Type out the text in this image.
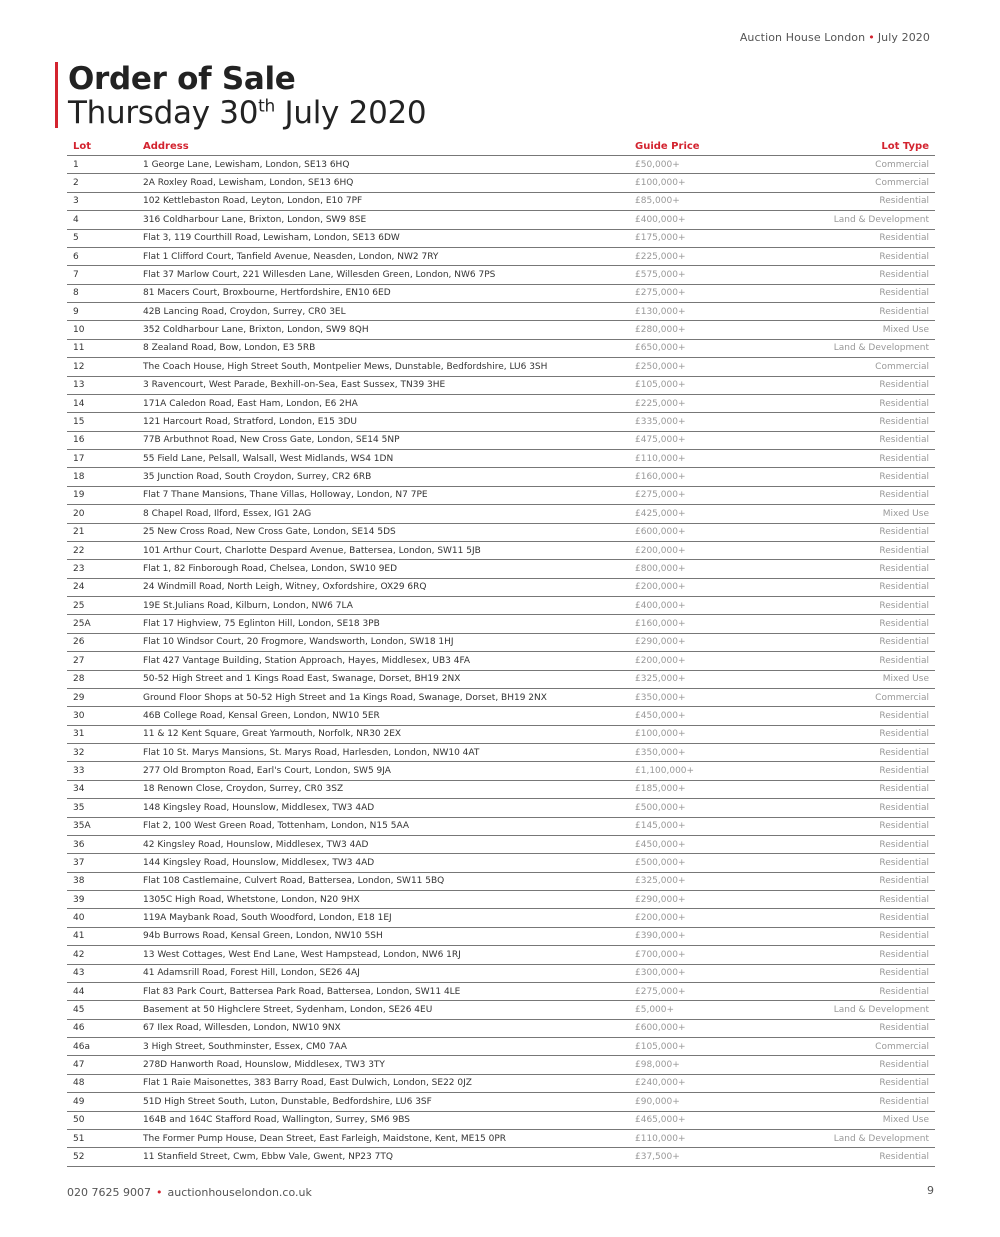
Auction House London • July 2020
Order of Sale
Thursday 30th July 2020
Lot	Address	Guide Price	Lot Type
1	1 George Lane, Lewisham, London, SE13 6HQ	£50,000+	Commercial
2	2A Roxley Road, Lewisham, London, SE13 6HQ	£100,000+	Commercial
3	102 Kettlebaston Road, Leyton, London, E10 7PF	£85,000+	Residential
4	316 Coldharbour Lane, Brixton, London, SW9 8SE	£400,000+	Land & Development
5	Flat 3, 119 Courthill Road, Lewisham, London, SE13 6DW	£175,000+	Residential
6	Flat 1 Clifford Court, Tanfield Avenue, Neasden, London, NW2 7RY	£225,000+	Residential
7	Flat 37 Marlow Court, 221 Willesden Lane, Willesden Green, London, NW6 7PS	£575,000+	Residential
8	81 Macers Court, Broxbourne, Hertfordshire, EN10 6ED	£275,000+	Residential
9	42B Lancing Road, Croydon, Surrey, CR0 3EL	£130,000+	Residential
10	352 Coldharbour Lane, Brixton, London, SW9 8QH	£280,000+	Mixed Use
11	8 Zealand Road, Bow, London, E3 5RB	£650,000+	Land & Development
12	The Coach House, High Street South, Montpelier Mews, Dunstable, Bedfordshire, LU6 3SH	£250,000+	Commercial
13	3 Ravencourt, West Parade, Bexhill-on-Sea, East Sussex, TN39 3HE	£105,000+	Residential
14	171A Caledon Road, East Ham, London, E6 2HA	£225,000+	Residential
15	121 Harcourt Road, Stratford, London, E15 3DU	£335,000+	Residential
16	77B Arbuthnot Road, New Cross Gate, London, SE14 5NP	£475,000+	Residential
17	55 Field Lane, Pelsall, Walsall, West Midlands, WS4 1DN	£110,000+	Residential
18	35 Junction Road, South Croydon, Surrey, CR2 6RB	£160,000+	Residential
19	Flat 7 Thane Mansions, Thane Villas, Holloway, London, N7 7PE	£275,000+	Residential
20	8 Chapel Road, Ilford, Essex, IG1 2AG	£425,000+	Mixed Use
21	25 New Cross Road, New Cross Gate, London, SE14 5DS	£600,000+	Residential
22	101 Arthur Court, Charlotte Despard Avenue, Battersea, London, SW11 5JB	£200,000+	Residential
23	Flat 1, 82 Finborough Road, Chelsea, London, SW10 9ED	£800,000+	Residential
24	24 Windmill Road, North Leigh, Witney, Oxfordshire, OX29 6RQ	£200,000+	Residential
25	19E St.Julians Road, Kilburn, London, NW6 7LA	£400,000+	Residential
25A	Flat 17 Highview, 75 Eglinton Hill, London, SE18 3PB	£160,000+	Residential
26	Flat 10 Windsor Court, 20 Frogmore, Wandsworth, London, SW18 1HJ	£290,000+	Residential
27	Flat 427 Vantage Building, Station Approach, Hayes, Middlesex, UB3 4FA	£200,000+	Residential
28	50-52 High Street and 1 Kings Road East, Swanage, Dorset, BH19 2NX	£325,000+	Mixed Use
29	Ground Floor Shops at 50-52 High Street and 1a Kings Road, Swanage, Dorset, BH19 2NX	£350,000+	Commercial
30	46B College Road, Kensal Green, London, NW10 5ER	£450,000+	Residential
31	11 & 12 Kent Square, Great Yarmouth, Norfolk, NR30 2EX	£100,000+	Residential
32	Flat 10 St. Marys Mansions, St. Marys Road, Harlesden, London, NW10 4AT	£350,000+	Residential
33	277 Old Brompton Road, Earl's Court, London, SW5 9JA	£1,100,000+	Residential
34	18 Renown Close, Croydon, Surrey, CR0 3SZ	£185,000+	Residential
35	148 Kingsley Road, Hounslow, Middlesex, TW3 4AD	£500,000+	Residential
35A	Flat 2, 100 West Green Road, Tottenham, London, N15 5AA	£145,000+	Residential
36	42 Kingsley Road, Hounslow, Middlesex, TW3 4AD	£450,000+	Residential
37	144 Kingsley Road, Hounslow, Middlesex, TW3 4AD	£500,000+	Residential
38	Flat 108 Castlemaine, Culvert Road, Battersea, London, SW11 5BQ	£325,000+	Residential
39	1305C High Road, Whetstone, London, N20 9HX	£290,000+	Residential
40	119A Maybank Road, South Woodford, London, E18 1EJ	£200,000+	Residential
41	94b Burrows Road, Kensal Green, London, NW10 5SH	£390,000+	Residential
42	13 West Cottages, West End Lane, West Hampstead, London, NW6 1RJ	£700,000+	Residential
43	41 Adamsrill Road, Forest Hill, London, SE26 4AJ	£300,000+	Residential
44	Flat 83 Park Court, Battersea Park Road, Battersea, London, SW11 4LE	£275,000+	Residential
45	Basement at 50 Highclere Street, Sydenham, London, SE26 4EU	£5,000+	Land & Development
46	67 Ilex Road, Willesden, London, NW10 9NX	£600,000+	Residential
46a	3 High Street, Southminster, Essex, CM0 7AA	£105,000+	Commercial
47	278D Hanworth Road, Hounslow, Middlesex, TW3 3TY	£98,000+	Residential
48	Flat 1 Raie Maisonettes, 383 Barry Road, East Dulwich, London, SE22 0JZ	£240,000+	Residential
49	51D High Street South, Luton, Dunstable, Bedfordshire, LU6 3SF	£90,000+	Residential
50	164B and 164C Stafford Road, Wallington, Surrey, SM6 9BS	£465,000+	Mixed Use
51	The Former Pump House, Dean Street, East Farleigh, Maidstone, Kent, ME15 0PR	£110,000+	Land & Development
52	11 Stanfield Street, Cwm, Ebbw Vale, Gwent, NP23 7TQ	£37,500+	Residential
020 7625 9007 • auctionhouselondon.co.uk	9
